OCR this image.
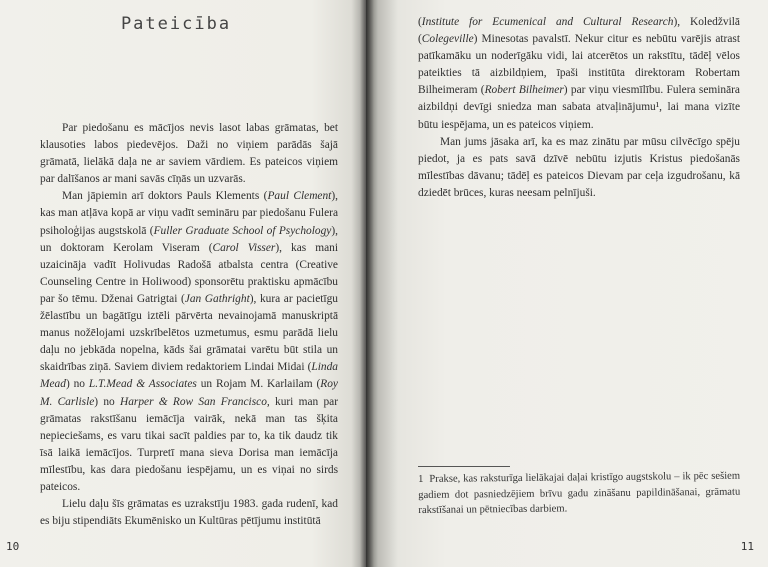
Pateicība

Par piedošanu es mācījos nevis lasot labas grāmatas, bet klausoties labos piedevējos. Daži no viņiem parādās šajā grāmatā, lielākā daļa ne ar saviem vārdiem. Es pateicos viņiem par dalīšanos ar mani savās cīņās un uzvarās.

Man jāpiemin arī doktors Pauls Klements (Paul Clement), kas man atļāva kopā ar viņu vadīt semināru par piedošanu Fulera psiholoģijas augstskolā (Fuller Graduate School of Psychology), un doktoram Kerolam Viseram (Carol Visser), kas mani uzaicināja vadīt Holivudas Radošā atbalsta centra (Creative Counseling Centre in Holiwood) sponsorētu praktisku apmācību par šo tēmu. Dženai Gatrigtai (Jan Gathright), kura ar pacietīgu žēlastību un bagātīgu iztēli pārvērta nevainojamā manuskriptā manus nožēlojami uzskrībelētos uzmetumus, esmu parādā lielu daļu no jebkāda nopelna, kāds šai grāmatai varētu būt stila un skaidrības ziņā. Saviem diviem redaktoriem Lindai Midai (Linda Mead) no L.T.Mead & Associates un Rojam M. Karlailam (Roy M. Carlisle) no Harper & Row San Francisco, kuri man par grāmatas rakstīšanu iemācīja vairāk, nekā man tas šķita nepieciešams, es varu tikai sacīt paldies par to, ka tik daudz tik īsā laikā iemācījos. Turpretī mana sieva Dorisa man iemācīja mīlestību, kas dara piedošanu iespējamu, un es viņai no sirds pateicos.

Lielu daļu šīs grāmatas es uzrakstīju 1983. gada rudenī, kad es biju stipendiāts Ekumēnisko un Kultūras pētījumu institūtā

10

(Institute for Ecumenical and Cultural Research), Koledžvilā (Colegeville) Minesotas pavalstī. Nekur citur es nebūtu varējis atrast patīkamāku un noderīgāku vidi, lai atcerētos un rakstītu, tādēļ vēlos pateikties tā aizbildņiem, īpaši institūta direktoram Robertam Bilheimeram (Robert Bilheimer) par viņu viesmīlību. Fulera semināra aizbildņi devīgi sniedza man sabata atvaļinājumu¹, lai mana vizīte būtu iespējama, un es pateicos viņiem.

Man jums jāsaka arī, ka es maz zinātu par mūsu cilvēcīgo spēju piedot, ja es pats savā dzīvē nebūtu izjutis Kristus piedošanās mīlestības dāvanu; tādēļ es pateicos Dievam par ceļa izgudrošanu, kā dziedēt brūces, kuras neesam pelnījuši.

1 Prakse, kas raksturīga lielākajai daļai kristīgo augstskolu – ik pēc sešiem gadiem dot pasniedzējiem brīvu gadu zināšanu papildināšanai, grāmatu rakstīšanai un pētniecības darbiem.
11
